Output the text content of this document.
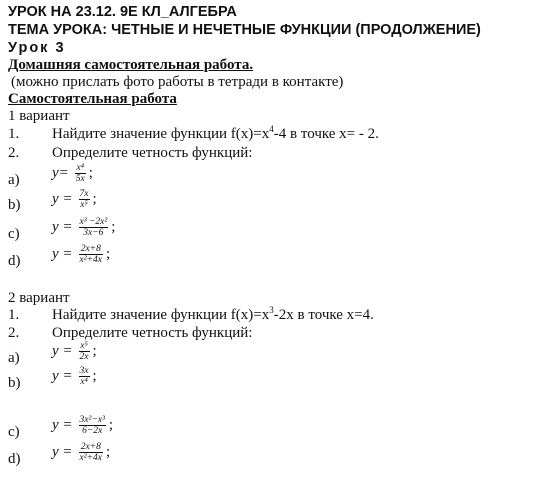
УРОК НА 23.12. 9Е КЛ_АЛГЕБРА
ТЕМА УРОКА: ЧЕТНЫЕ И НЕЧЕТНЫЕ ФУНКЦИИ (ПРОДОЛЖЕНИЕ)
Урок 3
Домашняя самостоятельная работа.
(можно прислать фото работы в тетради в контакте)
Самостоятельная работа
1 вариант
1. Найдите значение функции $f(x)=x^4-4$ в точке x= - 2.
2. Определите четность функций:
a) $y= \frac{\text{x⁴}}{5x}$ ;
b) $y = \frac{7x}{\text{x⁵}}$ ;
c) $y = \frac{\text{x³ −2x²}}{3x-6}$ ;
d) $y = \frac{2x+8}{\text{x²+4x}}$ ;
2 вариант
1. Найдите значение функции $f(x)=x^3-2x$ в точке x=4.
2. Определите четность функций:
a) $y = \frac{\text{x⁵}}{2x}$ ;
b) $y = \frac{3x}{\text{x⁴}}$ ;
c) $y = \frac{\text{3x²−x³}}{6-2x}$ ;
d) $y = \frac{2x+8}{\text{x²+4x}}$ ;
